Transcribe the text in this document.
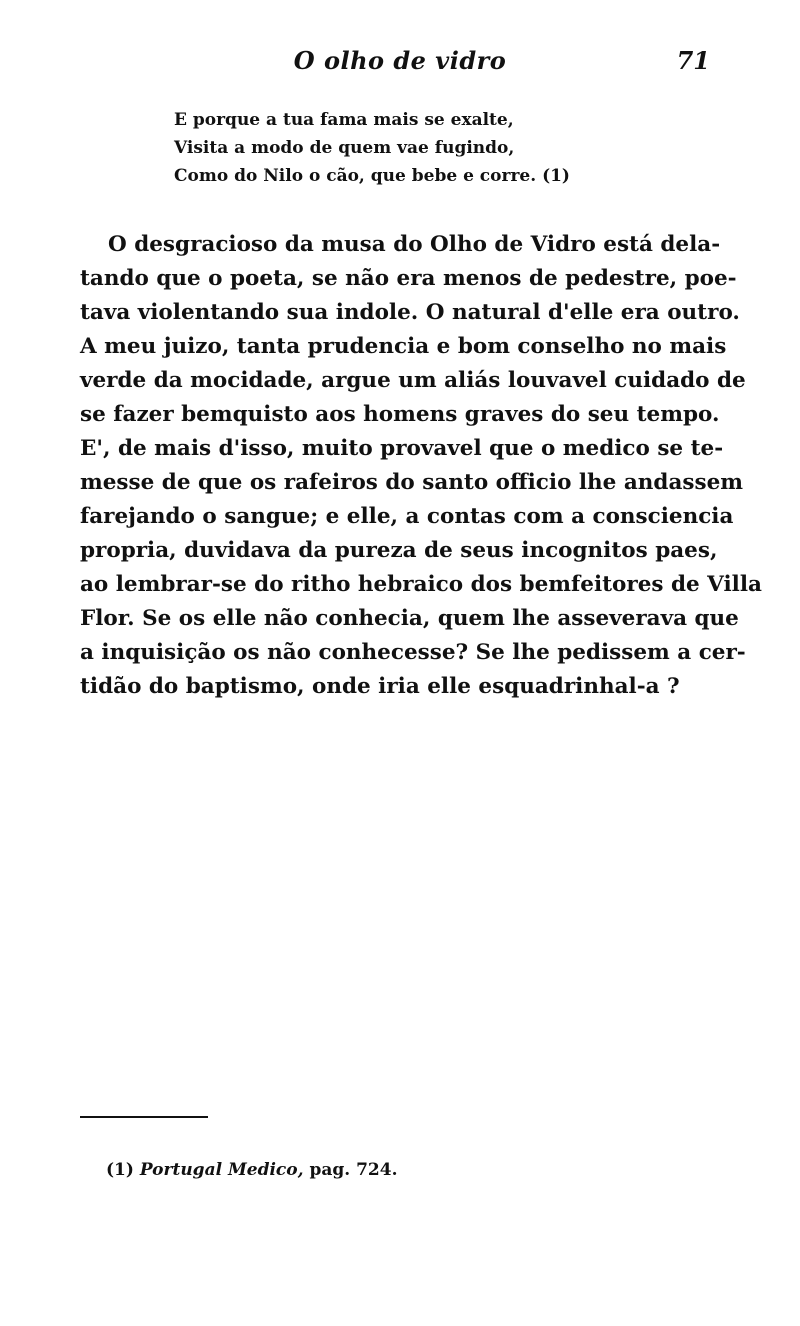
O olho de vidro	71
E porque a tua fama mais se exalte,
Visita a modo de quem vae fugindo,
Como do Nilo o cão, que bebe e corre. (1)
O desgracioso da musa do Olho de Vidro está dela-
tando que o poeta, se não era menos de pedestre, poe-
tava violentando sua indole. O natural d'elle era outro.
A meu juizo, tanta prudencia e bom conselho no mais
verde da mocidade, argue um aliás louvavel cuidado de
se fazer bemquisto aos homens graves do seu tempo.
E', de mais d'isso, muito provavel que o medico se te-
messe de que os rafeiros do santo officio lhe andassem
farejando o sangue; e elle, a contas com a consciencia
propria, duvidava da pureza de seus incognitos paes,
ao lembrar-se do ritho hebraico dos bemfeitores de Villa
Flor. Se os elle não conhecia, quem lhe asseverava que
a inquisição os não conhecesse? Se lhe pedissem a cer-
tidão do baptismo, onde iria elle esquadrinhal-a ?
(1) Portugal Medico, pag. 724.
